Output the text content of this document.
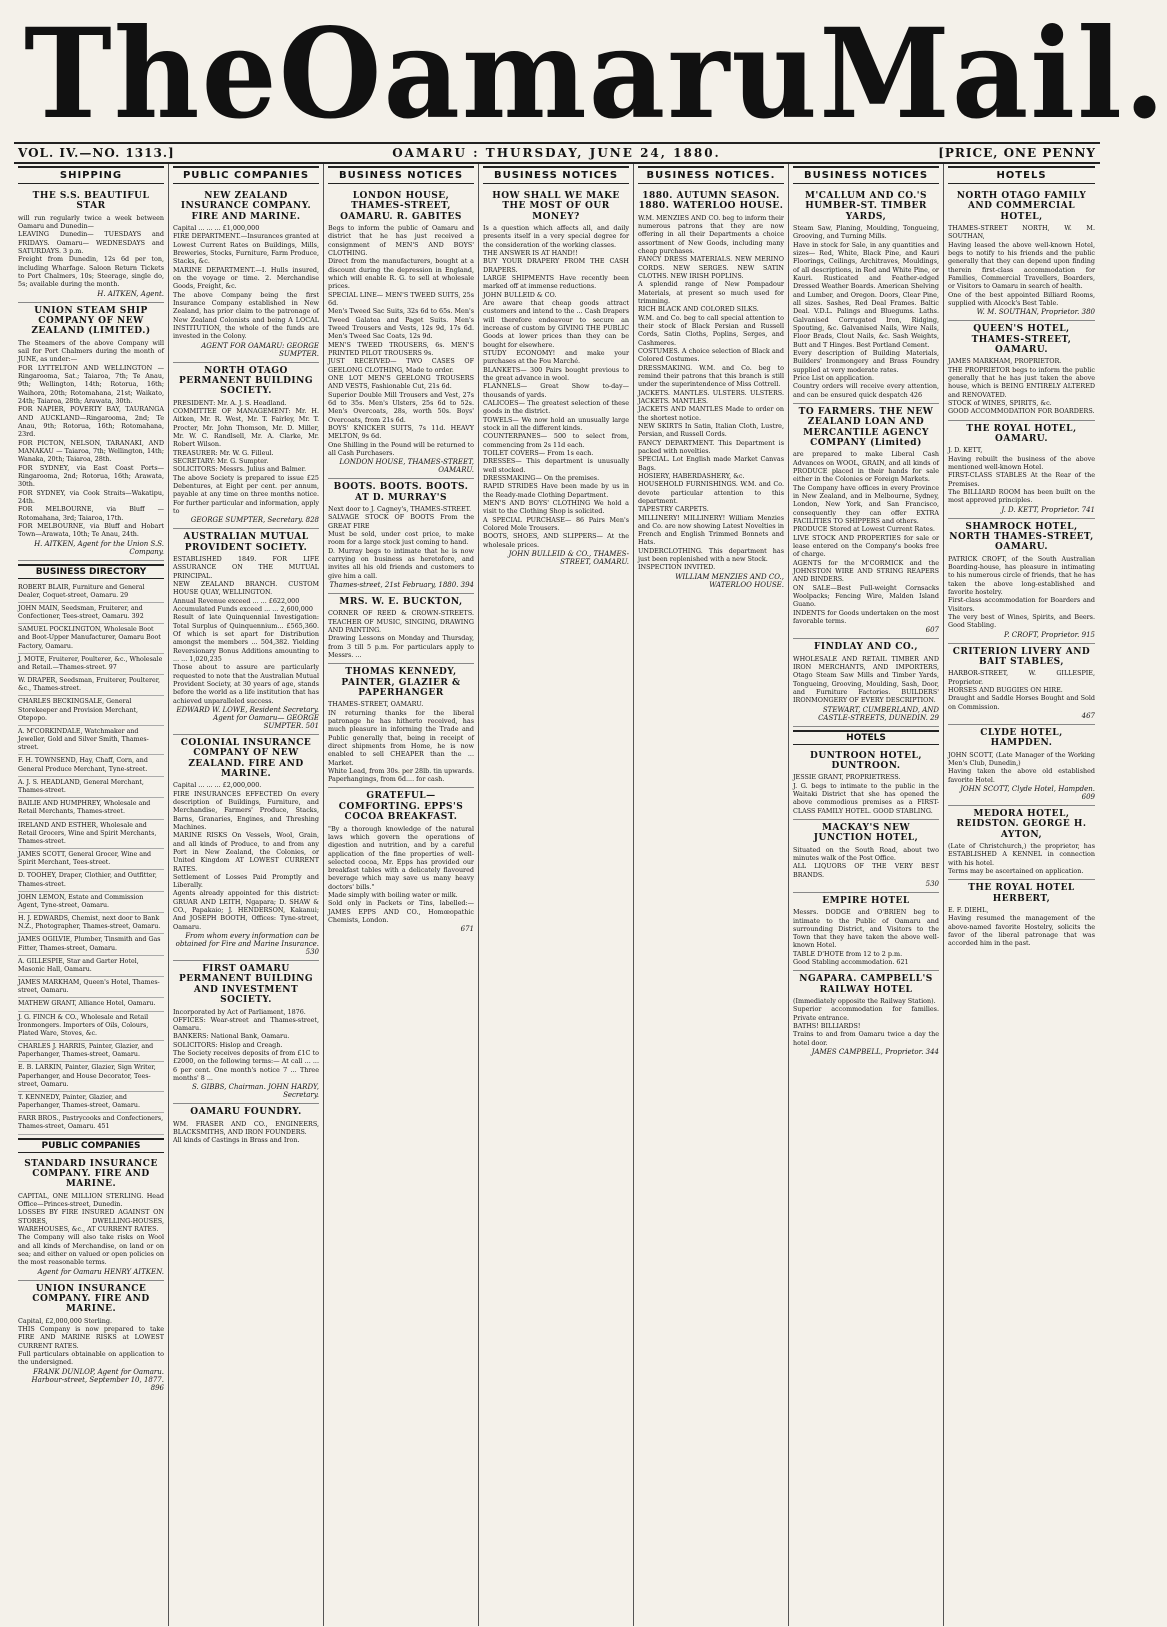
The Oamaru Mail.
VOL. IV.—NO. 1313.]	OAMARU : THURSDAY, JUNE 24, 1880.	[PRICE, ONE PENNY
SHIPPING
THE S.S. BEAUTIFUL STAR
will run regularly twice a week between Oamaru and Dunedin—
LEAVING Dunedin— TUESDAYS and FRIDAYS. Oamaru— WEDNESDAYS and SATURDAYS. 3 p.m.
Freight from Dunedin, 12s 6d per ton, including Wharfage. Saloon Return Tickets to Port Chalmers, 10s; Steerage, single do, 5s; available during the month.
H. AITKEN, Agent.
UNION STEAM SHIP COMPANY OF NEW ZEALAND (LIMITED.)
The Steamers of the above Company will sail for Port Chalmers during the month of JUNE, as under:—
FOR LYTTELTON AND WELLINGTON —Ringarooma, Sat.; Taiaroa, 7th; Te Anau, 9th; Wellington, 14th; Rotorua, 16th; Waihora, 20th; Rotomahana, 21st; Waikato, 24th; Taiaroa, 28th; Arawata, 30th.
FOR NAPIER, POVERTY BAY, TAURANGA AND AUCKLAND—Ringarooma, 2nd; Te Anau, 9th; Rotorua, 16th; Rotomahana, 23rd.
FOR PICTON, NELSON, TARANAKI, AND MANAKAU — Taiaroa, 7th; Wellington, 14th; Wanaka, 20th; Taiaroa, 28th.
FOR SYDNEY, via East Coast Ports—Ringarooma, 2nd; Rotorua, 16th; Arawata, 30th.
FOR SYDNEY, via Cook Straits—Wakatipu, 24th.
FOR MELBOURNE, via Bluff — Rotomahana, 3rd; Taiaroa, 17th.
FOR MELBOURNE, via Bluff and Hobart Town—Arawata, 10th; Te Anau, 24th.
H. AITKEN, Agent for the Union S.S. Company.
BUSINESS DIRECTORY
ROBERT BLAIR, Furniture and General Dealer, Coquet-street, Oamaru. 29
JOHN MAIN, Seedsman, Fruiterer, and Confectioner, Tees-street, Oamaru. 392
SAMUEL POCKLINGTON, Wholesale Boot and Boot-Upper Manufacturer, Oamaru Boot Factory, Oamaru.
J. MOTE, Fruiterer, Poulterer, &c., Wholesale and Retail.—Thames-street. 97
W. DRAPER, Seedsman, Fruiterer, Poulterer, &c., Thames-street.
CHARLES BECKINGSALE, General Storekeeper and Provision Merchant, Otepopo.
A. M'CORKINDALE, Watchmaker and Jeweller, Gold and Silver Smith, Thames-street.
F. H. TOWNSEND, Hay, Chaff, Corn, and General Produce Merchant, Tyne-street.
A. J. S. HEADLAND, General Merchant, Thames-street.
BAILIE AND HUMPHREY, Wholesale and Retail Merchants, Thames-street.
IRELAND AND ESTHER, Wholesale and Retail Grocers, Wine and Spirit Merchants, Thames-street.
JAMES SCOTT, General Grocer, Wine and Spirit Merchant, Tees-street.
D. TOOHEY, Draper, Clothier, and Outfitter, Thames-street.
JOHN LEMON, Estate and Commission Agent, Tyne-street, Oamaru.
H. J. EDWARDS, Chemist, next door to Bank N.Z., Photographer, Thames-street, Oamaru.
JAMES OGILVIE, Plumber, Tinsmith and Gas Fitter, Thames-street, Oamaru.
A. GILLESPIE, Star and Garter Hotel, Masonic Hall, Oamaru.
JAMES MARKHAM, Queen's Hotel, Thames-street, Oamaru.
MATHEW GRANT, Alliance Hotel, Oamaru.
J. G. FINCH & CO., Wholesale and Retail Ironmongers. Importers of Oils, Colours, Plated Ware, Stoves, &c.
CHARLES J. HARRIS, Painter, Glazier, and Paperhanger, Thames-street, Oamaru.
E. B. LARKIN, Painter, Glazier, Sign Writer, Paperhanger, and House Decorator, Tees-street, Oamaru.
T. KENNEDY, Painter, Glazier, and Paperhanger, Thames-street, Oamaru.
FARR BROS., Pastrycooks and Confectioners, Thames-street, Oamaru. 451
PUBLIC COMPANIES
STANDARD INSURANCE COMPANY. FIRE AND MARINE.
CAPITAL, ONE MILLION STERLING. Head Office—Princes-street, Dunedin.
LOSSES BY FIRE INSURED AGAINST ON STORES, DWELLING-HOUSES, WAREHOUSES, &c., AT CURRENT RATES.
The Company will also take risks on Wool and all kinds of Merchandise, on land or on sea; and either on valued or open policies on the most reasonable terms.
Agent for Oamaru HENRY AITKEN.
UNION INSURANCE COMPANY. FIRE AND MARINE.
Capital, £2,000,000 Sterling.
THIS Company is now prepared to take FIRE AND MARINE RISKS at LOWEST CURRENT RATES.
Full particulars obtainable on application to the undersigned.
FRANK DUNLOP, Agent for Oamaru. Harbour-street, September 10, 1877. 896
PUBLIC COMPANIES
NEW ZEALAND INSURANCE COMPANY. FIRE AND MARINE.
Capital ... ... ... £1,000,000
FIRE DEPARTMENT.—Insurances granted at Lowest Current Rates on Buildings, Mills, Breweries, Stocks, Furniture, Farm Produce, Stacks, &c.
MARINE DEPARTMENT.—I. Hulls insured, on the voyage or time. 2. Merchandise Goods, Freight, &c.
The above Company being the first Insurance Company established in New Zealand, has prior claim to the patronage of New Zealand Colonists and being A LOCAL INSTITUTION, the whole of the funds are invested in the Colony.
AGENT FOR OAMARU: GEORGE SUMPTER.
NORTH OTAGO PERMANENT BUILDING SOCIETY.
PRESIDENT: Mr. A. J. S. Headland.
COMMITTEE OF MANAGEMENT: Mr. H. Aitken, Mr. R. West, Mr. T. Fairley, Mr. T. Procter, Mr. John Thomson, Mr. D. Miller, Mr. W. C. Randlsell, Mr. A. Clarke, Mr. Robert Wilson.
TREASURER: Mr. W. G. Filleul.
SECRETARY: Mr. G. Sumpter.
SOLICITORS: Messrs. Julius and Balmer.
The above Society is prepared to issue £25 Debentures, at Eight per cent. per annum, payable at any time on three months notice. For further particular and information, apply to
GEORGE SUMPTER, Secretary. 828
AUSTRALIAN MUTUAL PROVIDENT SOCIETY.
ESTABLISHED 1849. FOR LIFE ASSURANCE ON THE MUTUAL PRINCIPAL.
NEW ZEALAND BRANCH. CUSTOM HOUSE QUAY, WELLINGTON.
Annual Revenue exceed ... ... £622,000
Accumulated Funds exceed ... ... 2,600,000
Result of late Quinquennial Investigation: Total Surplus of Quinquennium... £565,360. Of which is set apart for Distribution amongst the members ... 504,382. Yielding Reversionary Bonus Additions amounting to ... ... 1,020,235
Those about to assure are particularly requested to note that the Australian Mutual Provident Society, at 30 years of age, stands before the world as a life institution that has achieved unparalleled success.
EDWARD W. LOWE, Resident Secretary. Agent for Oamaru— GEORGE SUMPTER. 501
COLONIAL INSURANCE COMPANY OF NEW ZEALAND. FIRE AND MARINE.
Capital ... ... ... £2,000,000.
FIRE INSURANCES EFFECTED On every description of Buildings, Furniture, and Merchandise, Farmers' Produce, Stacks, Barns, Granaries, Engines, and Threshing Machines.
MARINE RISKS On Vessels, Wool, Grain, and all kinds of Produce, to and from any Port in New Zealand, the Colonies, or United Kingdom AT LOWEST CURRENT RATES.
Settlement of Losses Paid Promptly and Liberally.
Agents already appointed for this district: GRUAR AND LEITH, Ngapara; D. SHAW & CO., Papakaio; J. HENDERSON, Kakanui; And JOSEPH BOOTH, Offices: Tyne-street, Oamaru.
From whom every information can be obtained for Fire and Marine Insurance. 530
FIRST OAMARU PERMANENT BUILDING AND INVESTMENT SOCIETY.
Incorporated by Act of Parliament, 1876.
OFFICES: Wear-street and Thames-street, Oamaru.
BANKERS: National Bank, Oamaru.
SOLICITORS: Hislop and Creagh.
The Society receives deposits of from £1C to £2000, on the following terms:— At call ... ... 6 per cent. One month's notice 7 ... Three months' 8 ...
S. GIBBS, Chairman. JOHN HARDY, Secretary.
OAMARU FOUNDRY.
WM. FRASER AND CO., ENGINEERS, BLACKSMITHS, AND IRON FOUNDERS.
All kinds of Castings in Brass and Iron.
BUSINESS NOTICES
LONDON HOUSE, THAMES-STREET, OAMARU. R. GABITES
Begs to inform the public of Oamaru and district that he has just received a consignment of MEN'S AND BOYS' CLOTHING.
Direct from the manufacturers, bought at a discount during the depression in England, which will enable R. G. to sell at wholesale prices.
SPECIAL LINE— MEN'S TWEED SUITS, 25s 6d.
Men's Tweed Sac Suits, 32s 6d to 65s. Men's Tweed Galatea and Paget Suits. Men's Tweed Trousers and Vests, 12s 9d, 17s 6d. Men's Tweed Sac Coats, 12s 9d.
MEN'S TWEED TROUSERS, 6s. MEN'S PRINTED PILOT TROUSERS 9s.
JUST RECEIVED— TWO CASES OF GEELONG CLOTHING, Made to order.
ONE LOT MEN'S GEELONG TROUSERS AND VESTS, Fashionable Cut, 21s 6d.
Superior Double Mill Trousers and Vest, 27s 6d to 35s. Men's Ulsters, 25s 6d to 52s. Men's Overcoats, 28s, worth 50s. Boys' Overcoats, from 21s 6d.
BOYS' KNICKER SUITS, 7s 11d. HEAVY MELTON, 9s 6d.
One Shilling in the Pound will be returned to all Cash Purchasers.
LONDON HOUSE, THAMES-STREET, OAMARU.
BOOTS. BOOTS. BOOTS. AT D. MURRAY'S
Next door to J. Cagney's, THAMES-STREET.
SALVAGE STOCK OF BOOTS From the GREAT FIRE
Must be sold, under cost price, to make room for a large stock just coming to hand.
D. Murray begs to intimate that he is now carrying on business as heretofore, and invites all his old friends and customers to give him a call.
Thames-street, 21st February, 1880. 394
MRS. W. E. BUCKTON,
CORNER OF REED & CROWN-STREETS. TEACHER OF MUSIC, SINGING, DRAWING AND PAINTING.
Drawing Lessons on Monday and Thursday, from 3 till 5 p.m. For particulars apply to Messrs. ...
THOMAS KENNEDY, PAINTER, GLAZIER & PAPERHANGER
THAMES-STREET, OAMARU.
IN returning thanks for the liberal patronage he has hitherto received, has much pleasure in informing the Trade and Public generally that, being in receipt of direct shipments from Home, he is now enabled to sell CHEAPER than the ... Market.
White Lead, from 30s. per 28lb. tin upwards. Paperhangings, from 6d.... for cash.
GRATEFUL—COMFORTING. EPPS'S COCOA BREAKFAST.
"By a thorough knowledge of the natural laws which govern the operations of digestion and nutrition, and by a careful application of the fine properties of well-selected cocoa, Mr. Epps has provided our breakfast tables with a delicately flavoured beverage which may save us many heavy doctors' bills."
Made simply with boiling water or milk.
Sold only in Packets or Tins, labelled:— JAMES EPPS AND CO., Homœopathic Chemists, London.
671
BUSINESS NOTICES
HOW SHALL WE MAKE THE MOST OF OUR MONEY?
Is a question which affects all, and daily presents itself in a very special degree for the consideration of the working classes.
THE ANSWER IS AT HAND!!
BUY YOUR DRAPERY FROM THE CASH DRAPERS.
LARGE SHIPMENTS Have recently been marked off at immense reductions.
JOHN BULLEID & CO.
Are aware that cheap goods attract customers and intend to the ... Cash Drapers will therefore endeavour to secure an increase of custom by GIVING THE PUBLIC Goods at lower prices than they can be bought for elsewhere.
STUDY ECONOMY! and make your purchases at the Fou Marché.
BLANKETS— 300 Pairs bought previous to the great advance in wool.
FLANNELS— Great Show to-day—thousands of yards.
CALICOES— The greatest selection of these goods in the district.
TOWELS— We now hold an unusually large stock in all the different kinds.
COUNTERPANES— 500 to select from, commencing from 2s 11d each.
TOILET COVERS— From 1s each.
DRESSES— This department is unusually well stocked.
DRESSMAKING— On the premises.
RAPID STRIDES Have been made by us in the Ready-made Clothing Department.
MEN'S AND BOYS' CLOTHING We hold a visit to the Clothing Shop is solicited.
A SPECIAL PURCHASE— 86 Pairs Men's Colored Mole Trousers.
BOOTS, SHOES, AND SLIPPERS— At the wholesale prices.
JOHN BULLEID & CO., THAMES-STREET, OAMARU.
BUSINESS NOTICES.
1880. AUTUMN SEASON. 1880. WATERLOO HOUSE.
W.M. MENZIES AND CO. beg to inform their numerous patrons that they are now offering in all their Departments a choice assortment of New Goods, including many cheap purchases.
FANCY DRESS MATERIALS. NEW MERINO CORDS. NEW SERGES. NEW SATIN CLOTHS. NEW IRISH POPLINS.
A splendid range of New Pompadour Materials, at present so much used for trimming.
RICH BLACK AND COLORED SILKS.
W.M. and Co. beg to call special attention to their stock of Black Persian and Russell Cords, Satin Cloths, Poplins, Serges, and Cashmeres.
COSTUMES. A choice selection of Black and Colored Costumes.
DRESSMAKING. W.M. and Co. beg to remind their patrons that this branch is still under the superintendence of Miss Cottrell.
JACKETS. MANTLES. ULSTERS. ULSTERS. JACKETS. MANTLES.
JACKETS AND MANTLES Made to order on the shortest notice.
NEW SKIRTS In Satin, Italian Cloth, Lustre, Persian, and Russell Cords.
FANCY DEPARTMENT. This Department is packed with novelties.
SPECIAL. Lot English made Market Canvas Bags.
HOSIERY, HABERDASHERY, &c.
HOUSEHOLD FURNISHINGS. W.M. and Co. devote particular attention to this department.
TAPESTRY CARPETS.
MILLINERY! MILLINERY! William Menzies and Co. are now showing Latest Novelties in French and English Trimmed Bonnets and Hats.
UNDERCLOTHING. This department has just been replenished with a new Stock.
INSPECTION INVITED.
WILLIAM MENZIES AND CO., WATERLOO HOUSE.
BUSINESS NOTICES
M'CALLUM AND CO.'S HUMBER-ST. TIMBER YARDS,
Steam Saw, Planing, Moulding, Tongueing, Grooving, and Turning Mills.
Have in stock for Sale, in any quantities and sizes— Red, White, Black Pine, and Kauri Floorings, Ceilings, Architraves, Mouldings, of all descriptions, in Red and White Pine, or Kauri. Rusticated and Feather-edged Dressed Weather Boards. American Shelving and Lumber, and Oregon. Doors, Clear Pine, all sizes. Sashes, Red Deal Frames. Baltic Deal. V.D.L. Palings and Bluegums. Laths. Galvanised Corrugated Iron, Ridging, Spouting, &c. Galvanised Nails, Wire Nails, Floor Brads, Clout Nails, &c. Sash Weights, Butt and T Hinges. Best Portland Cement.
Every description of Building Materials, Builders' Ironmongery and Brass Foundry supplied at very moderate rates.
Price List on application.
Country orders will receive every attention, and can be ensured quick despatch 426
TO FARMERS. THE NEW ZEALAND LOAN AND MERCANTILE AGENCY COMPANY (Limited)
are prepared to make Liberal Cash Advances on WOOL, GRAIN, and all kinds of PRODUCE placed in their hands for sale either in the Colonies or Foreign Markets.
The Company have offices in every Province in New Zealand, and in Melbourne, Sydney, London, New York, and San Francisco, consequently they can offer EXTRA FACILITIES TO SHIPPERS and others.
PRODUCE Stored at Lowest Current Rates.
LIVE STOCK AND PROPERTIES for sale or lease entered on the Company's books free of charge.
AGENTS for the M'CORMICK and the JOHNSTON WIRE AND STRING REAPERS AND BINDERS.
ON SALE—Best Full-weight Cornsacks Woolpacks; Fencing Wire, Malden Island Guano.
INDENTS for Goods undertaken on the most favorable terms.
607
FINDLAY AND CO.,
WHOLESALE AND RETAIL TIMBER AND IRON MERCHANTS, AND IMPORTERS, Otago Steam Saw Mills and Timber Yards, Tongueing, Grooving, Moulding, Sash, Door, and Furniture Factories. BUILDERS' IRONMONGERY OF EVERY DESCRIPTION.
STEWART, CUMBERLAND, AND CASTLE-STREETS, DUNEDIN. 29
HOTELS
DUNTROON HOTEL, DUNTROON.
JESSIE GRANT, PROPRIETRESS.
J. G. begs to intimate to the public in the Waitaki District that she has opened the above commodious premises as a FIRST-CLASS FAMILY HOTEL. GOOD STABLING.
MACKAY'S NEW JUNCTION HOTEL,
Situated on the South Road, about two minutes walk of the Post Office.
ALL LIQUORS OF THE VERY BEST BRANDS.
530
EMPIRE HOTEL
Messrs. DODGE and O'BRIEN beg to intimate to the Public of Oamaru and surrounding District, and Visitors to the Town that they have taken the above well-known Hotel.
TABLE D'HOTE from 12 to 2 p.m.
Good Stabling accommodation. 621
NGAPARA. CAMPBELL'S RAILWAY HOTEL
(Immediately opposite the Railway Station).
Superior accommodation for families. Private entrance.
BATHS! BILLIARDS!
Trains to and from Oamaru twice a day the hotel door.
JAMES CAMPBELL, Proprietor. 344
HOTELS
NORTH OTAGO FAMILY AND COMMERCIAL HOTEL,
THAMES-STREET NORTH, W. M. SOUTHAN,
Having leased the above well-known Hotel, begs to notify to his friends and the public generally that they can depend upon finding therein first-class accommodation for Families, Commercial Travellers, Boarders, or Visitors to Oamaru in search of health.
One of the best appointed Billiard Rooms, supplied with Alcock's Best Table.
W. M. SOUTHAN, Proprietor. 380
QUEEN'S HOTEL, THAMES-STREET, OAMARU.
JAMES MARKHAM, PROPRIETOR.
THE PROPRIETOR begs to inform the public generally that he has just taken the above house, which is BEING ENTIRELY ALTERED and RENOVATED.
STOCK of WINES, SPIRITS, &c.
GOOD ACCOMMODATION FOR BOARDERS.
THE ROYAL HOTEL, OAMARU.
J. D. KETT,
Having rebuilt the business of the above mentioned well-known Hotel.
FIRST-CLASS STABLES At the Rear of the Premises.
The BILLIARD ROOM has been built on the most approved principles.
J. D. KETT, Proprietor. 741
SHAMROCK HOTEL, NORTH THAMES-STREET, OAMARU.
PATRICK CROFT, of the South Australian Boarding-house, has pleasure in intimating to his numerous circle of friends, that he has taken the above long-established and favorite hostelry.
First-class accommodation for Boarders and Visitors.
The very best of Wines, Spirits, and Beers. Good Stabling.
P. CROFT, Proprietor. 915
CRITERION LIVERY AND BAIT STABLES,
HARBOR-STREET, W. GILLESPIE, Proprietor.
HORSES AND BUGGIES ON HIRE.
Draught and Saddle Horses Bought and Sold on Commission.
467
CLYDE HOTEL, HAMPDEN.
JOHN SCOTT, (Late Manager of the Working Men's Club, Dunedin,)
Having taken the above old established favorite Hotel.
JOHN SCOTT, Clyde Hotel, Hampden. 609
MEDORA HOTEL, REIDSTON. GEORGE H. AYTON,
(Late of Christchurch,) the proprietor, has ESTABLISHED A KENNEL in connection with his hotel.
Terms may be ascertained on application.
THE ROYAL HOTEL HERBERT,
E. F. DIEHL,
Having resumed the management of the above-named favorite Hostelry, solicits the favor of the liberal patronage that was accorded him in the past.
